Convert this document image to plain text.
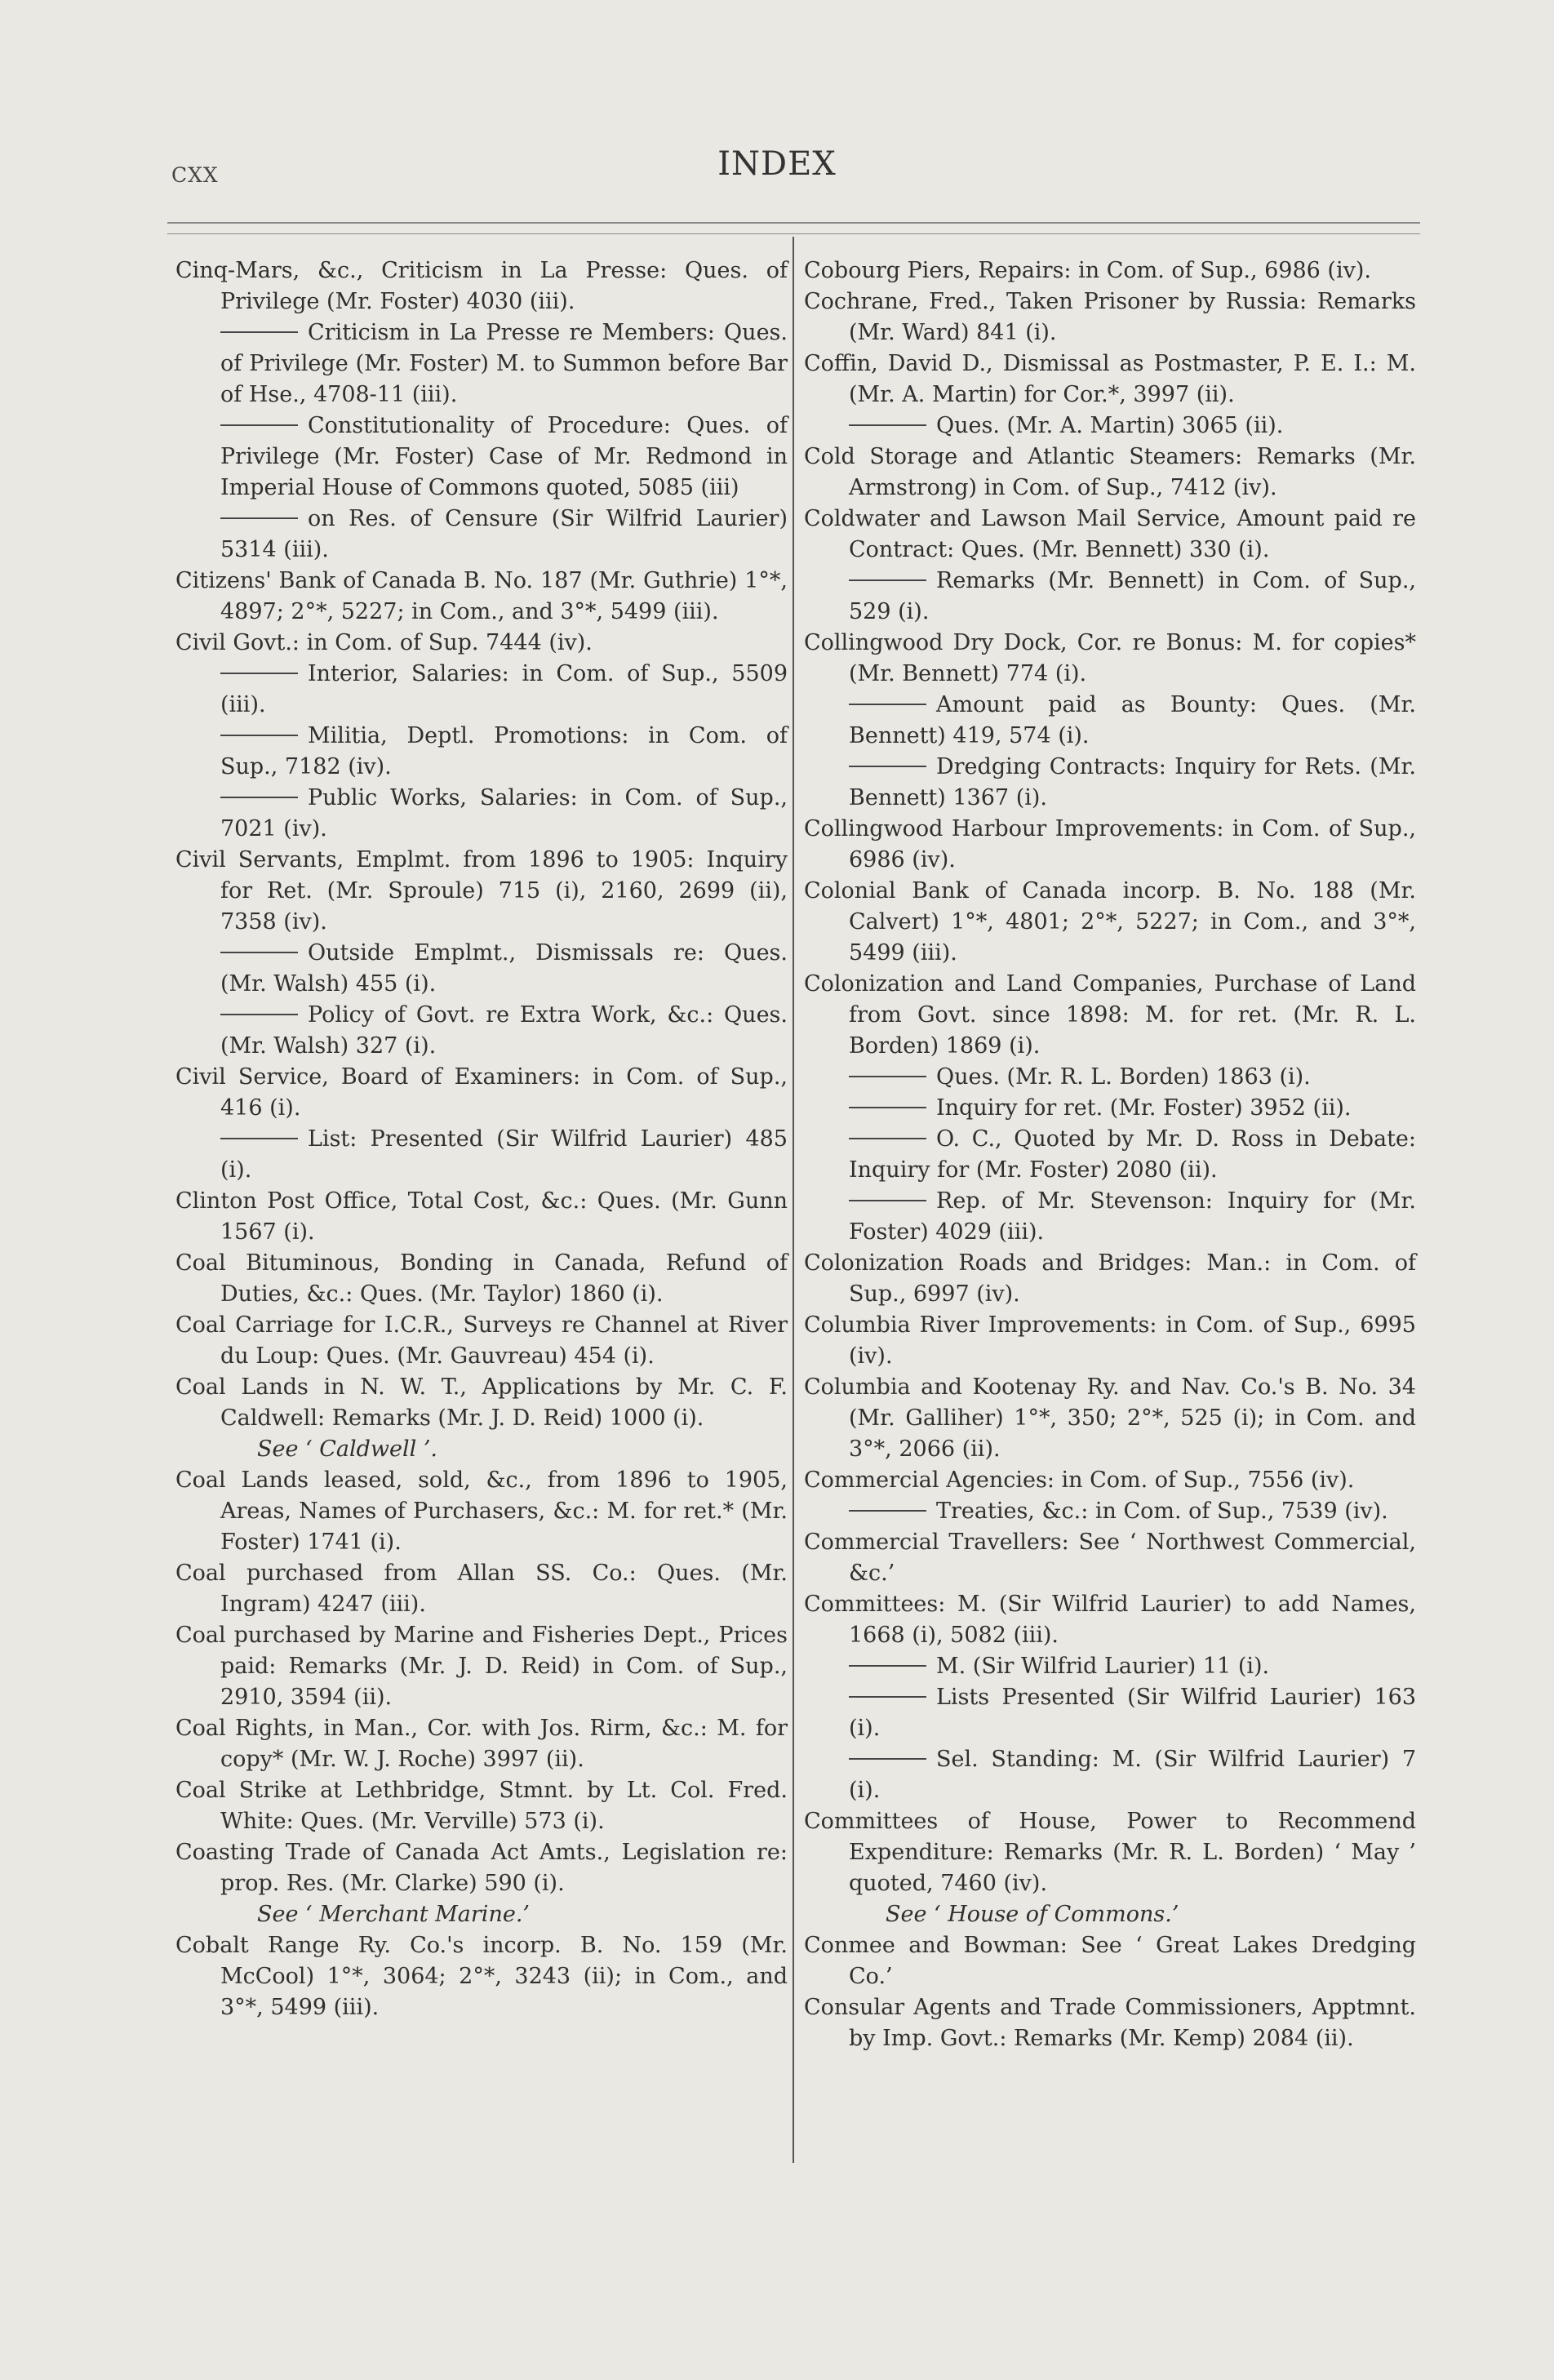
CXX	INDEX
Cinq-Mars, &c., Criticism in La Presse: Ques. of Privilege (Mr. Foster) 4030 (iii).
Criticism in La Presse re Members: Ques. of Privilege (Mr. Foster) M. to Summon before Bar of Hse., 4708-11 (iii).
Constitutionality of Procedure: Ques. of Privilege (Mr. Foster) Case of Mr. Redmond in Imperial House of Commons quoted, 5085 (iii)
on Res. of Censure (Sir Wilfrid Laurier) 5314 (iii).
Citizens' Bank of Canada B. No. 187 (Mr. Guthrie) 1°*, 4897; 2°*, 5227; in Com., and 3°*, 5499 (iii).
Civil Govt.: in Com. of Sup. 7444 (iv).
Interior, Salaries: in Com. of Sup., 5509 (iii).
Militia, Deptl. Promotions: in Com. of Sup., 7182 (iv).
Public Works, Salaries: in Com. of Sup., 7021 (iv).
Civil Servants, Emplmt. from 1896 to 1905: Inquiry for Ret. (Mr. Sproule) 715 (i), 2160, 2699 (ii), 7358 (iv).
Outside Emplmt., Dismissals re: Ques. (Mr. Walsh) 455 (i).
Policy of Govt. re Extra Work, &c.: Ques. (Mr. Walsh) 327 (i).
Civil Service, Board of Examiners: in Com. of Sup., 416 (i).
List: Presented (Sir Wilfrid Laurier) 485 (i).
Clinton Post Office, Total Cost, &c.: Ques. (Mr. Gunn 1567 (i).
Coal Bituminous, Bonding in Canada, Refund of Duties, &c.: Ques. (Mr. Taylor) 1860 (i).
Coal Carriage for I.C.R., Surveys re Channel at River du Loup: Ques. (Mr. Gauvreau) 454 (i).
Coal Lands in N. W. T., Applications by Mr. C. F. Caldwell: Remarks (Mr. J. D. Reid) 1000 (i).
See ‘ Caldwell ’.
Coal Lands leased, sold, &c., from 1896 to 1905, Areas, Names of Purchasers, &c.: M. for ret.* (Mr. Foster) 1741 (i).
Coal purchased from Allan SS. Co.: Ques. (Mr. Ingram) 4247 (iii).
Coal purchased by Marine and Fisheries Dept., Prices paid: Remarks (Mr. J. D. Reid) in Com. of Sup., 2910, 3594 (ii).
Coal Rights, in Man., Cor. with Jos. Rirm, &c.: M. for copy* (Mr. W. J. Roche) 3997 (ii).
Coal Strike at Lethbridge, Stmnt. by Lt. Col. Fred. White: Ques. (Mr. Verville) 573 (i).
Coasting Trade of Canada Act Amts., Legislation re: prop. Res. (Mr. Clarke) 590 (i).
See ‘ Merchant Marine.’
Cobalt Range Ry. Co.'s incorp. B. No. 159 (Mr. McCool) 1°*, 3064; 2°*, 3243 (ii); in Com., and 3°*, 5499 (iii).
Cobourg Piers, Repairs: in Com. of Sup., 6986 (iv).
Cochrane, Fred., Taken Prisoner by Russia: Remarks (Mr. Ward) 841 (i).
Coffin, David D., Dismissal as Postmaster, P. E. I.: M. (Mr. A. Martin) for Cor.*, 3997 (ii).
Ques. (Mr. A. Martin) 3065 (ii).
Cold Storage and Atlantic Steamers: Remarks (Mr. Armstrong) in Com. of Sup., 7412 (iv).
Coldwater and Lawson Mail Service, Amount paid re Contract: Ques. (Mr. Bennett) 330 (i).
Remarks (Mr. Bennett) in Com. of Sup., 529 (i).
Collingwood Dry Dock, Cor. re Bonus: M. for copies* (Mr. Bennett) 774 (i).
Amount paid as Bounty: Ques. (Mr. Bennett) 419, 574 (i).
Dredging Contracts: Inquiry for Rets. (Mr. Bennett) 1367 (i).
Collingwood Harbour Improvements: in Com. of Sup., 6986 (iv).
Colonial Bank of Canada incorp. B. No. 188 (Mr. Calvert) 1°*, 4801; 2°*, 5227; in Com., and 3°*, 5499 (iii).
Colonization and Land Companies, Purchase of Land from Govt. since 1898: M. for ret. (Mr. R. L. Borden) 1869 (i).
Ques. (Mr. R. L. Borden) 1863 (i).
Inquiry for ret. (Mr. Foster) 3952 (ii).
O. C., Quoted by Mr. D. Ross in Debate: Inquiry for (Mr. Foster) 2080 (ii).
Rep. of Mr. Stevenson: Inquiry for (Mr. Foster) 4029 (iii).
Colonization Roads and Bridges: Man.: in Com. of Sup., 6997 (iv).
Columbia River Improvements: in Com. of Sup., 6995 (iv).
Columbia and Kootenay Ry. and Nav. Co.'s B. No. 34 (Mr. Galliher) 1°*, 350; 2°*, 525 (i); in Com. and 3°*, 2066 (ii).
Commercial Agencies: in Com. of Sup., 7556 (iv).
Treaties, &c.: in Com. of Sup., 7539 (iv).
Commercial Travellers: See ‘ Northwest Commercial, &c.’
Committees: M. (Sir Wilfrid Laurier) to add Names, 1668 (i), 5082 (iii).
M. (Sir Wilfrid Laurier) 11 (i).
Lists Presented (Sir Wilfrid Laurier) 163 (i).
Sel. Standing: M. (Sir Wilfrid Laurier) 7 (i).
Committees of House, Power to Recommend Expenditure: Remarks (Mr. R. L. Borden) ‘ May ’ quoted, 7460 (iv).
See ‘ House of Commons.’
Conmee and Bowman: See ‘ Great Lakes Dredging Co.’
Consular Agents and Trade Commissioners, Apptmnt. by Imp. Govt.: Remarks (Mr. Kemp) 2084 (ii).
